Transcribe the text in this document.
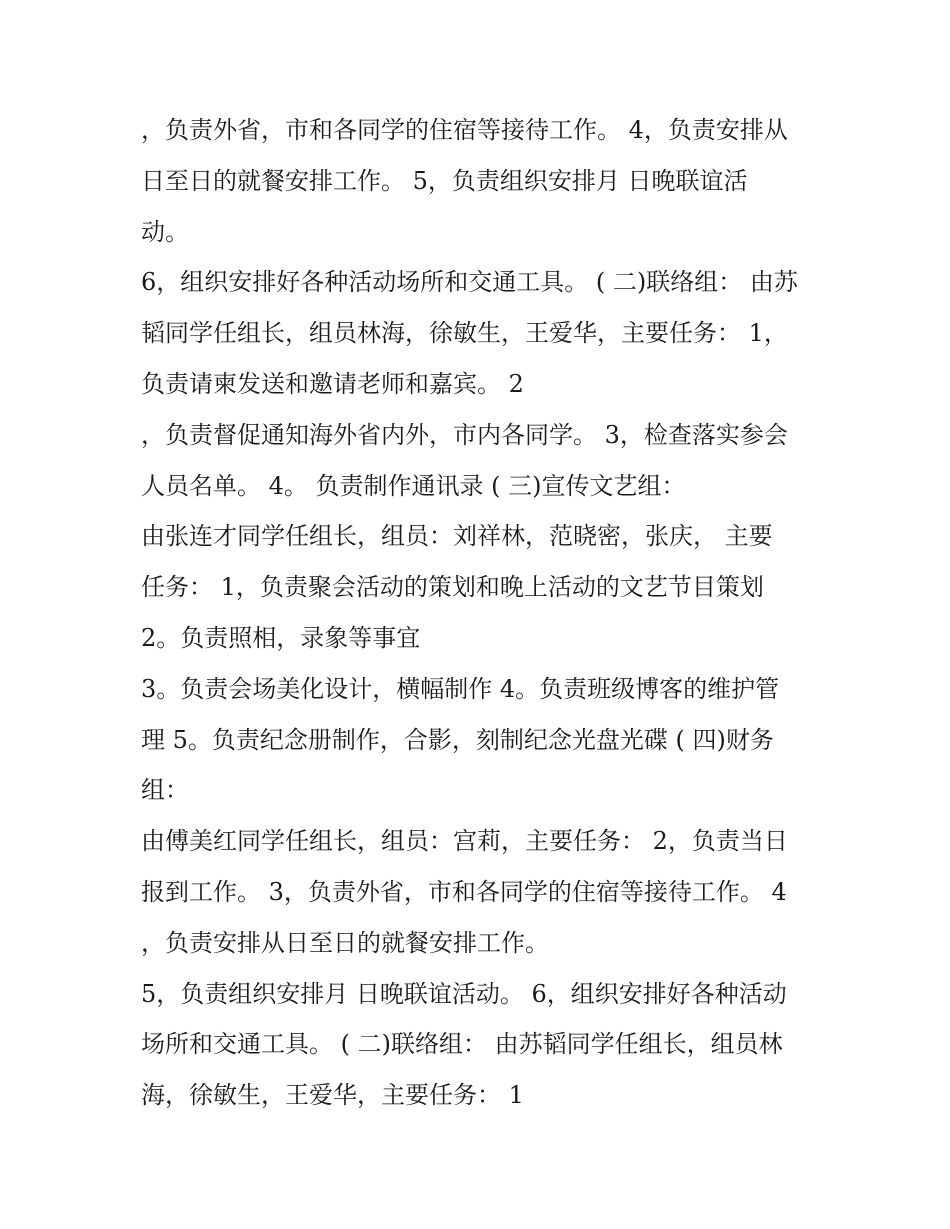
，负责外省，市和各同学的住宿等接待工作。 4，负责安排从
日至日的就餐安排工作。 5，负责组织安排月 日晚联谊活
动。
6，组织安排好各种活动场所和交通工具。 ( 二)联络组： 由苏
韬同学任组长，组员林海，徐敏生，王爱华，主要任务： 1，
负责请柬发送和邀请老师和嘉宾。 2
，负责督促通知海外省内外，市内各同学。 3，检查落实参会
人员名单。 4。 负责制作通讯录 ( 三)宣传文艺组：
由张连才同学任组长，组员：刘祥林，范晓密，张庆， 主要
任务： 1，负责聚会活动的策划和晚上活动的文艺节目策划
2。负责照相，录象等事宜
3。负责会场美化设计，横幅制作 4。负责班级博客的维护管
理 5。负责纪念册制作，合影，刻制纪念光盘光碟 ( 四)财务
组：
由傅美红同学任组长，组员：宫莉，主要任务： 2，负责当日
报到工作。 3，负责外省，市和各同学的住宿等接待工作。 4
，负责安排从日至日的就餐安排工作。
5，负责组织安排月 日晚联谊活动。 6，组织安排好各种活动
场所和交通工具。 ( 二)联络组： 由苏韬同学任组长，组员林
海，徐敏生，王爱华，主要任务： 1
